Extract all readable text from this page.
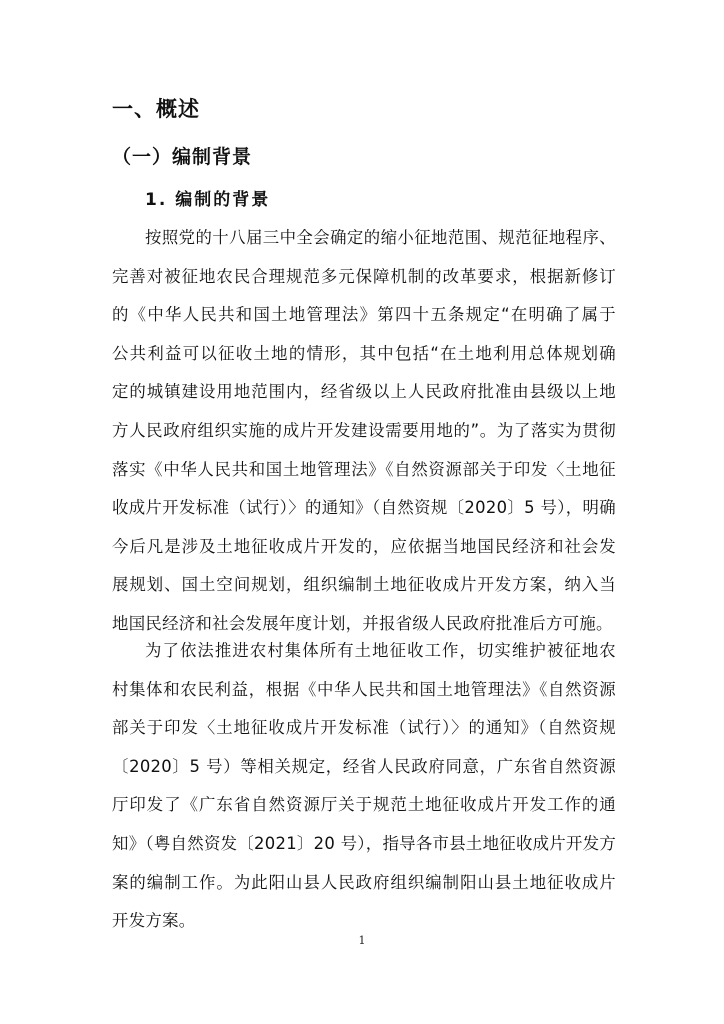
一、概述
（一）编制背景
1. 编制的背景
按照党的十八届三中全会确定的缩小征地范围、规范征地程序、
完善对被征地农民合理规范多元保障机制的改革要求，根据新修订
的《中华人民共和国土地管理法》第四十五条规定“在明确了属于
公共利益可以征收土地的情形，其中包括“在土地利用总体规划确
定的城镇建设用地范围内，经省级以上人民政府批准由县级以上地
方人民政府组织实施的成片开发建设需要用地的”。为了落实为贯彻
落实《中华人民共和国土地管理法》《自然资源部关于印发〈土地征
收成片开发标准（试行）〉的通知》（自然资规〔2020〕5 号），明确
今后凡是涉及土地征收成片开发的，应依据当地国民经济和社会发
展规划、国土空间规划，组织编制土地征收成片开发方案，纳入当
地国民经济和社会发展年度计划，并报省级人民政府批准后方可施。
为了依法推进农村集体所有土地征收工作，切实维护被征地农
村集体和农民利益，根据《中华人民共和国土地管理法》《自然资源
部关于印发〈土地征收成片开发标准（试行）〉的通知》（自然资规
〔2020〕5 号）等相关规定，经省人民政府同意，广东省自然资源
厅印发了《广东省自然资源厅关于规范土地征收成片开发工作的通
知》（粤自然资发〔2021〕20 号），指导各市县土地征收成片开发方
案的编制工作。为此阳山县人民政府组织编制阳山县土地征收成片
开发方案。
1
